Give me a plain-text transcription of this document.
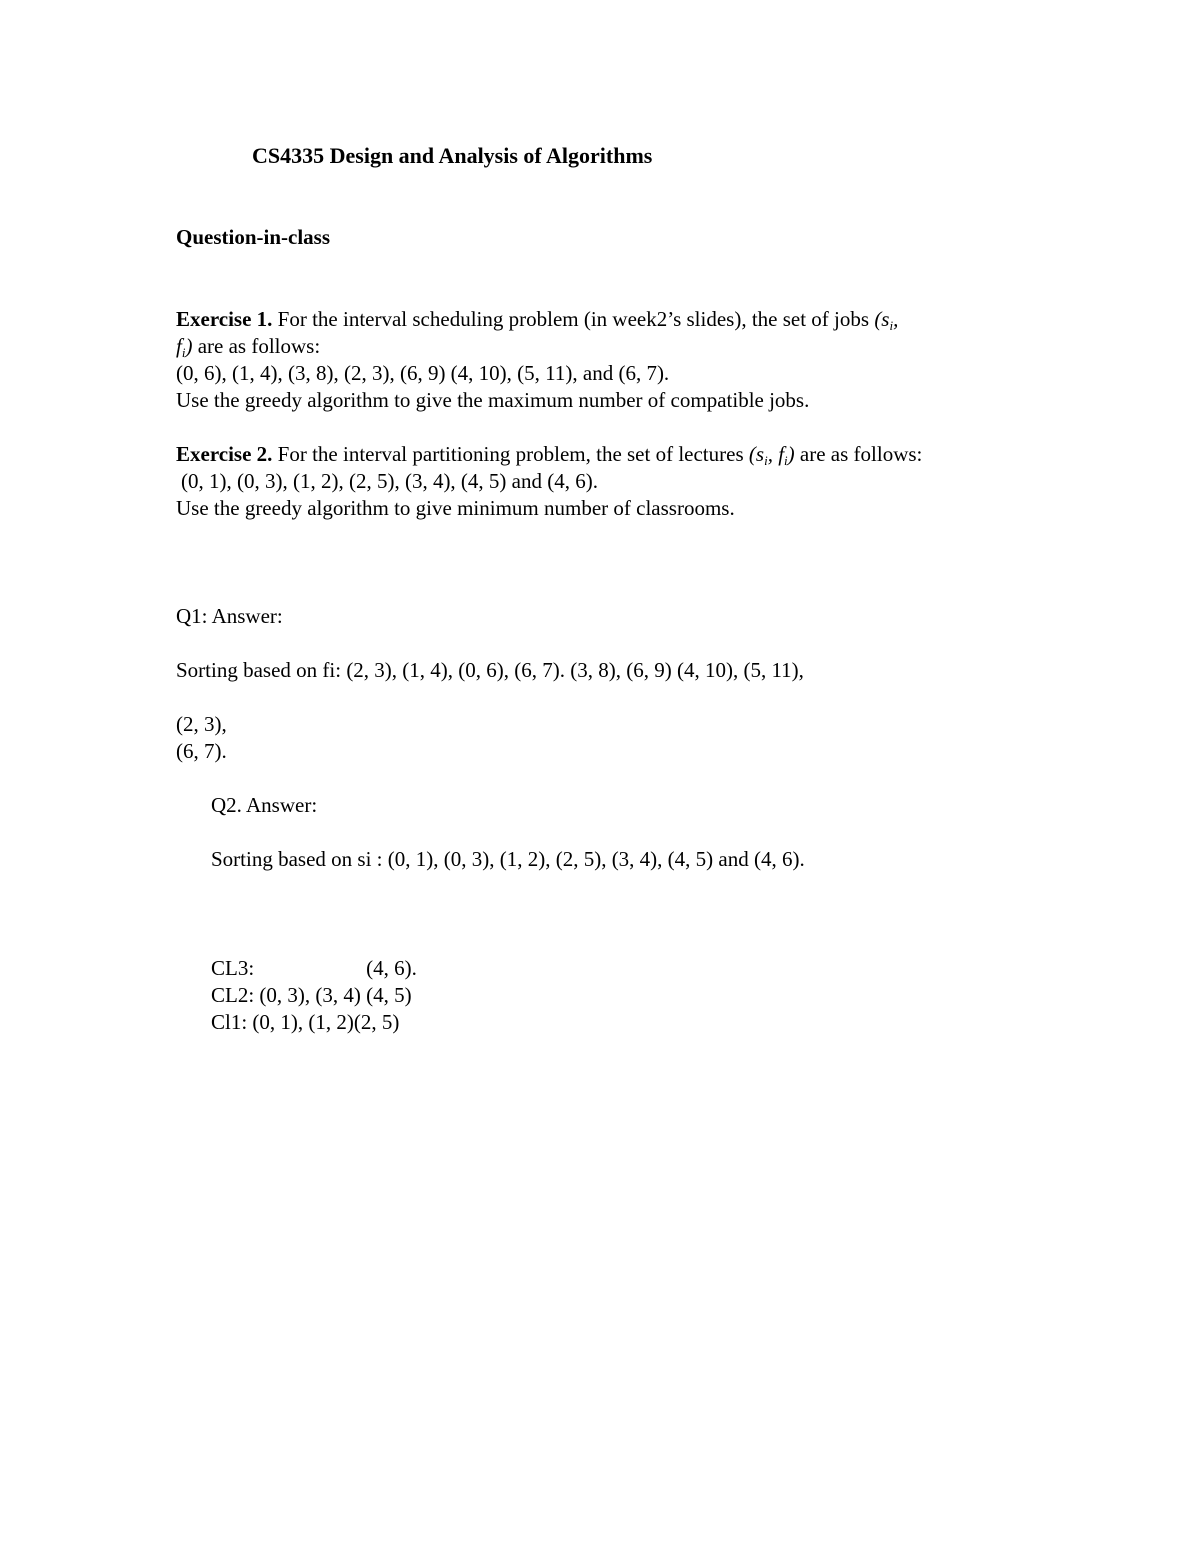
CS4335 Design and Analysis of Algorithms
Question-in-class
Exercise 1. For the interval scheduling problem (in week2’s slides), the set of jobs ($s_i$,
$f_i$) are as follows:
(0, 6), (1, 4), (3, 8), (2, 3), (6, 9) (4, 10), (5, 11), and (6, 7).
Use the greedy algorithm to give the maximum number of compatible jobs.
Exercise 2. For the interval partitioning problem, the set of lectures ($s_i$, $f_i$) are as follows:
(0, 1), (0, 3), (1, 2), (2, 5), (3, 4), (4, 5) and (4, 6).
Use the greedy algorithm to give minimum number of classrooms.
Q1: Answer:
Sorting based on fi: (2, 3), (1, 4), (0, 6), (6, 7). (3, 8), (6, 9) (4, 10), (5, 11),
(2, 3),
(6, 7).
Q2. Answer:
Sorting based on si : (0, 1), (0, 3), (1, 2), (2, 5), (3, 4), (4, 5) and (4, 6).
CL3:	(4, 6).
CL2: (0, 3), (3, 4) (4, 5)
Cl1: (0, 1), (1, 2)(2, 5)
